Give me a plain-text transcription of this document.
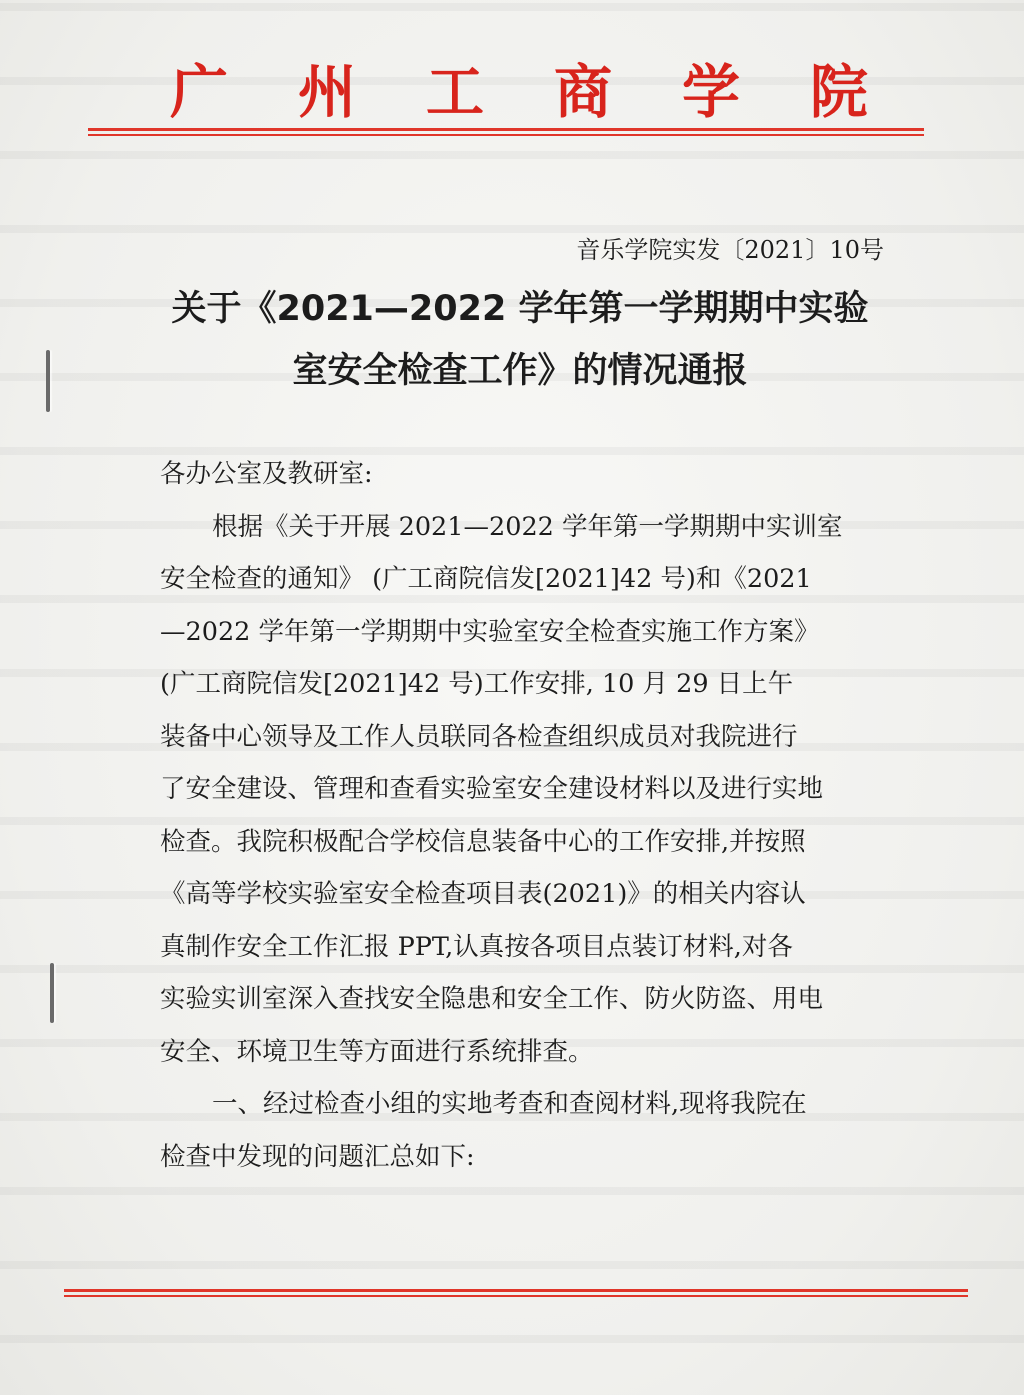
广 州 工 商 学 院
音乐学院实发〔2021〕10号
关于《2021—2022 学年第一学期期中实验
室安全检查工作》的情况通报
各办公室及教研室:
根据《关于开展 2021—2022 学年第一学期期中实训室
安全检查的通知》 (广工商院信发[2021]42 号)和《2021
—2022 学年第一学期期中实验室安全检查实施工作方案》
(广工商院信发[2021]42 号)工作安排, 10 月 29 日上午
装备中心领导及工作人员联同各检查组织成员对我院进行
了安全建设、管理和查看实验室安全建设材料以及进行实地
检查。我院积极配合学校信息装备中心的工作安排,并按照
《高等学校实验室安全检查项目表(2021)》的相关内容认
真制作安全工作汇报 PPT,认真按各项目点装订材料,对各
实验实训室深入查找安全隐患和安全工作、防火防盗、用电
安全、环境卫生等方面进行系统排查。
一、经过检查小组的实地考查和查阅材料,现将我院在
检查中发现的问题汇总如下:
